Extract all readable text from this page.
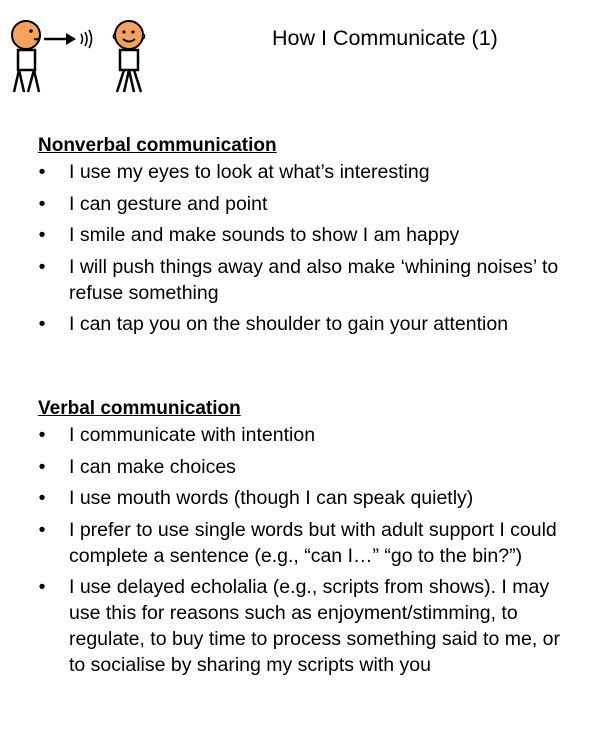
How I Communicate (1)
Nonverbal communication
• I use my eyes to look at what’s interesting
• I can gesture and point
• I smile and make sounds to show I am happy
• I will push things away and also make ‘whining noises’ to refuse something
• I can tap you on the shoulder to gain your attention
Verbal communication
• I communicate with intention
• I can make choices
• I use mouth words (though I can speak quietly)
• I prefer to use single words but with adult support I could complete a sentence (e.g., “can I…” “go to the bin?”)
• I use delayed echolalia (e.g., scripts from shows). I may use this for reasons such as enjoyment/stimming, to regulate, to buy time to process something said to me, or to socialise by sharing my scripts with you
